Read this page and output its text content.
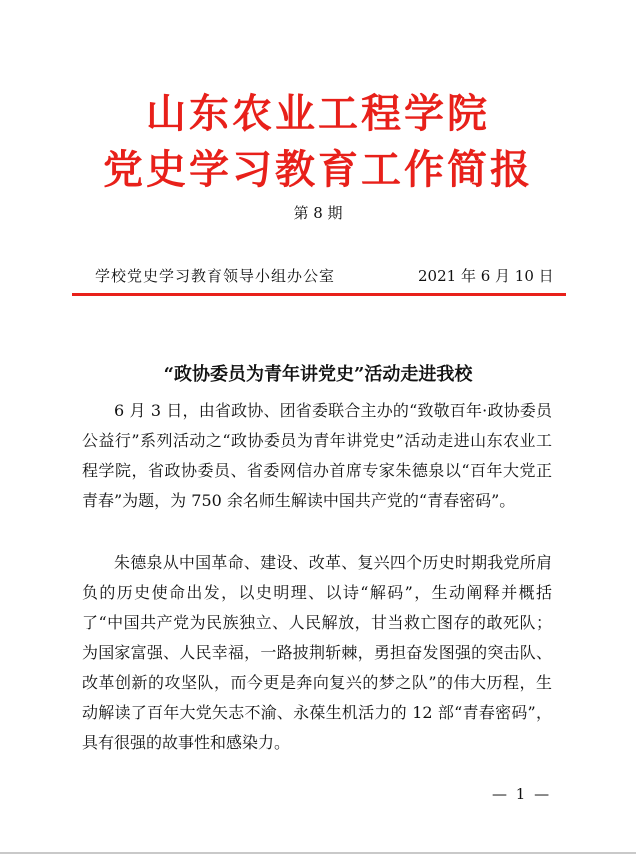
山东农业工程学院
党史学习教育工作简报
第 8 期
学校党史学习教育领导小组办公室	2021 年 6 月 10 日
“政协委员为青年讲党史”活动走进我校

6 月 3 日，由省政协、团省委联合主办的“致敬百年·政协委员公益行”系列活动之“政协委员为青年讲党史”活动走进山东农业工程学院，省政协委员、省委网信办首席专家朱德泉以“百年大党正青春”为题，为 750 余名师生解读中国共产党的“青春密码”。

朱德泉从中国革命、建设、改革、复兴四个历史时期我党所肩负的历史使命出发，以史明理、以诗“解码”，生动阐释并概括了“中国共产党为民族独立、人民解放，甘当救亡图存的敢死队；为国家富强、人民幸福，一路披荆斩棘，勇担奋发图强的突击队、改革创新的攻坚队，而今更是奔向复兴的梦之队”的伟大历程，生动解读了百年大党矢志不渝、永葆生机活力的 12 部“青春密码”，具有很强的故事性和感染力。

— 1 —
